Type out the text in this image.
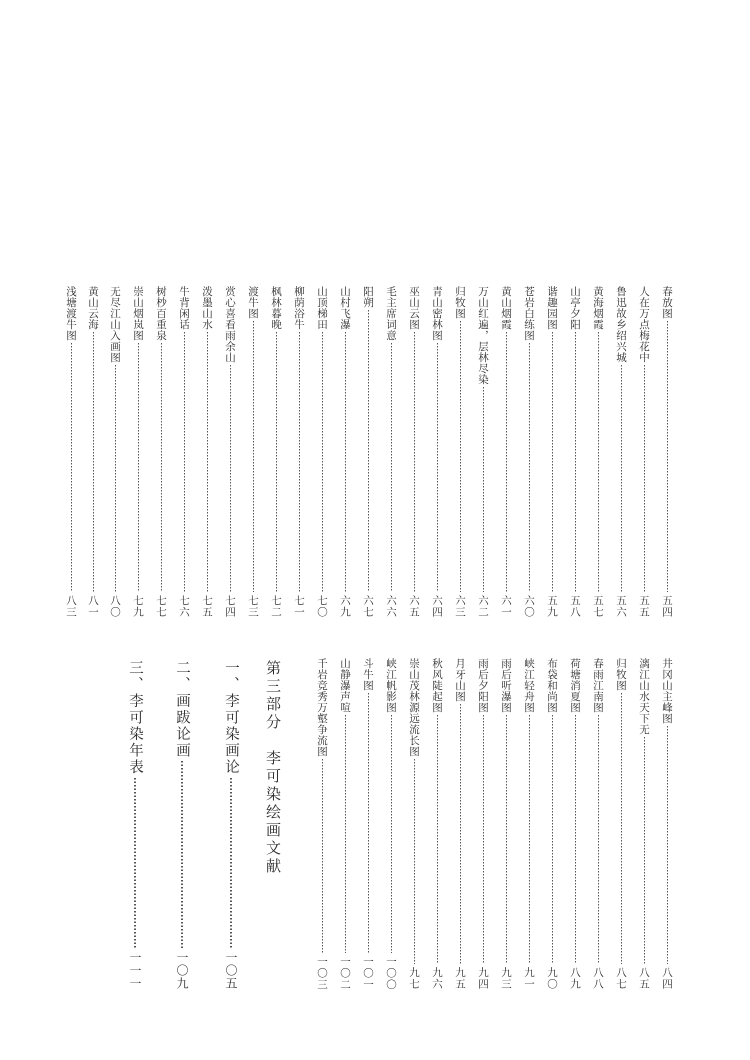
春放图
五四
人在万点梅花中
五五
鲁迅故乡绍兴城
五六
黄海烟霞
五七
山亭夕阳
五八
谐趣园图
五九
苍岩白练图
六〇
黄山烟霞
六一
万山红遍，层林尽染
六二
归牧图
六三
青山密林图
六四
巫山云图
六五
毛主席词意
六六
阳朔
六七
山村飞瀑
六九
山顶梯田
七〇
柳荫浴牛
七一
枫林暮晚
七二
渡牛图
七三
赏心喜看雨余山
七四
泼墨山水
七五
牛背闲话
七六
树杪百重泉
七七
崇山烟岚图
七九
无尽江山入画图
八〇
黄山云海
八一
浅塘渡牛图
八三
井冈山主峰图
八四
漓江山水天下无
八五
归牧图
八七
春雨江南图
八八
荷塘消夏图
八九
布袋和尚图
九〇
峡江轻舟图
九一
雨后听瀑图
九三
雨后夕阳图
九四
月牙山图
九五
秋风陡起图
九六
崇山茂林源远流长图
九七
峡江帆影图
一〇〇
斗牛图
一〇一
山静瀑声喧
一〇二
千岩竞秀万壑争流图
一〇三
第三部分　李可染绘画文献
一、李可染画论
一〇五
二、画跋论画
一〇九
三、李可染年表
一一一
